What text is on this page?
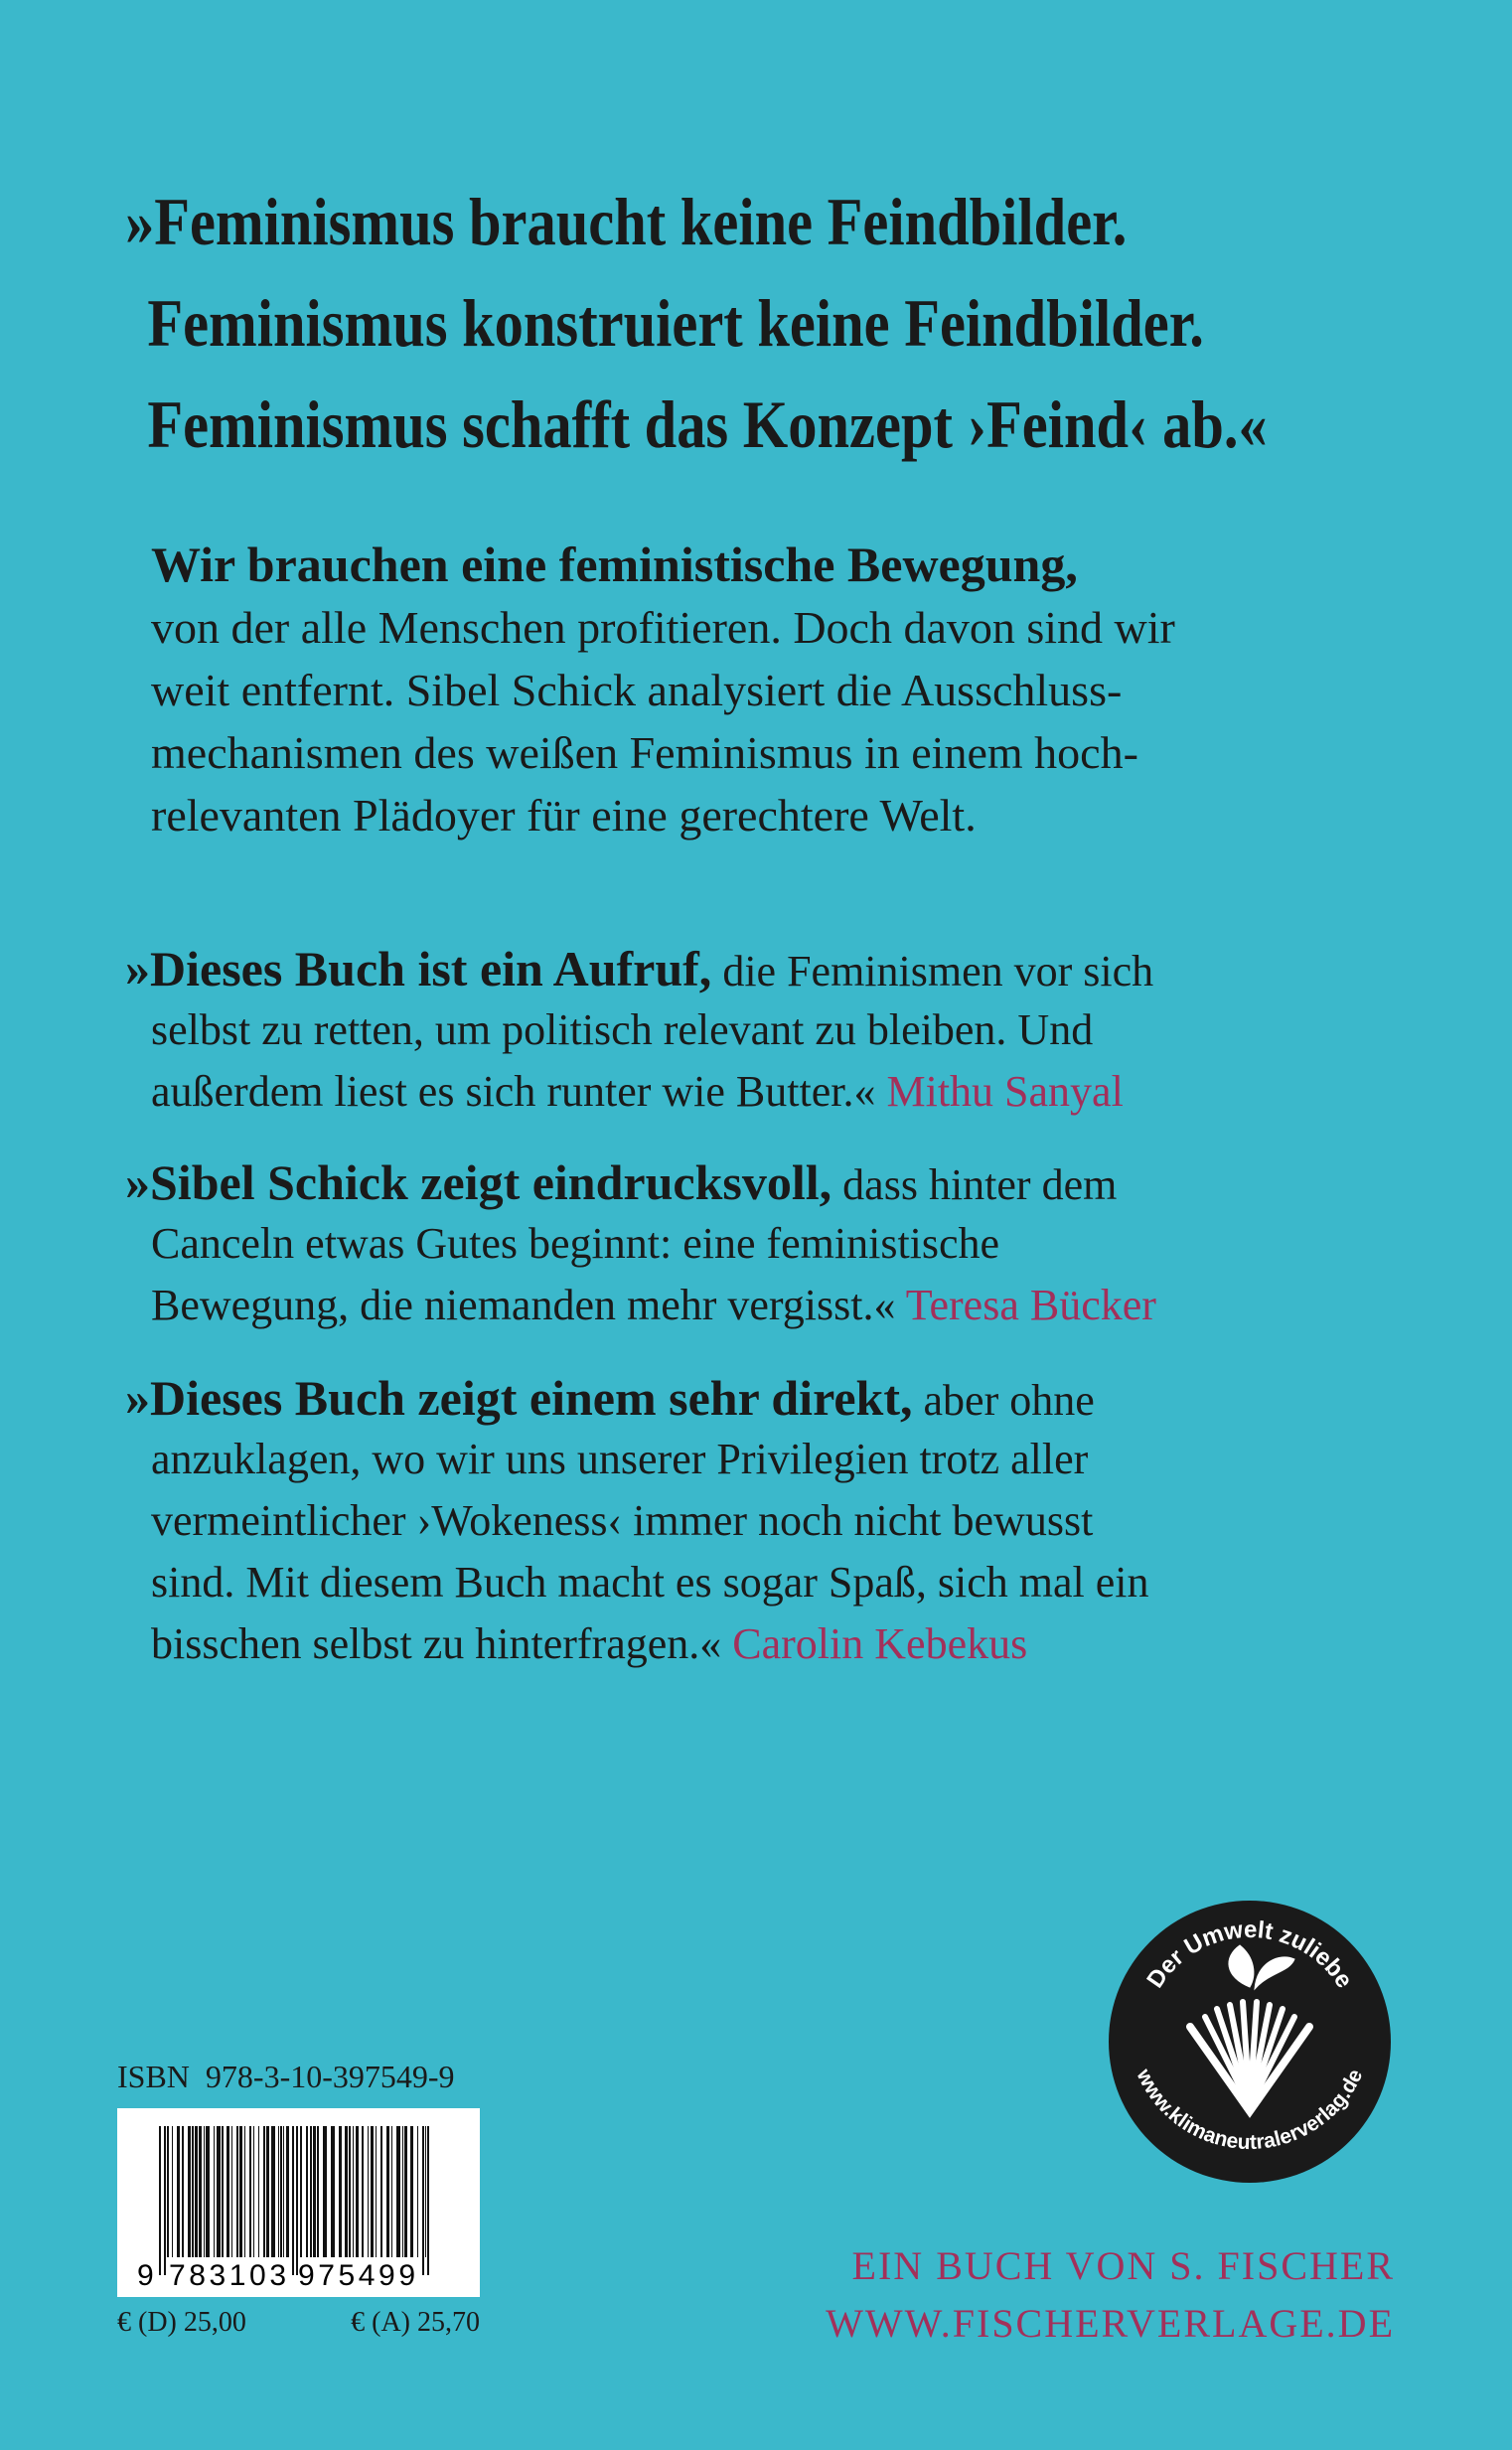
»Feminismus braucht keine Feindbilder.
Feminismus konstruiert keine Feindbilder.
Feminismus schafft das Konzept ›Feind‹ ab.«
Wir brauchen eine feministische Bewegung,
von der alle Menschen profitieren. Doch davon sind wir
weit entfernt. Sibel Schick analysiert die Ausschluss-
mechanismen des weißen Feminismus in einem hoch-
relevanten Plädoyer für eine gerechtere Welt.
»Dieses Buch ist ein Aufruf, die Feminismen vor sich
selbst zu retten, um politisch relevant zu bleiben. Und
außerdem liest es sich runter wie Butter.« Mithu Sanyal
»Sibel Schick zeigt eindrucksvoll, dass hinter dem
Canceln etwas Gutes beginnt: eine feministische
Bewegung, die niemanden mehr vergisst.« Teresa Bücker
»Dieses Buch zeigt einem sehr direkt, aber ohne
anzuklagen, wo wir uns unserer Privilegien trotz aller
vermeintlicher ›Wokeness‹ immer noch nicht bewusst
sind. Mit diesem Buch macht es sogar Spaß, sich mal ein
bisschen selbst zu hinterfragen.« Carolin Kebekus
Der Umwelt zuliebe
www.klimaneutralerverlag.de
ISBN 978-3-10-397549-9
9 783103 975499
€ (D) 25,00	€ (A) 25,70
EIN BUCH VON S. FISCHER
WWW.FISCHERVERLAGE.DE
